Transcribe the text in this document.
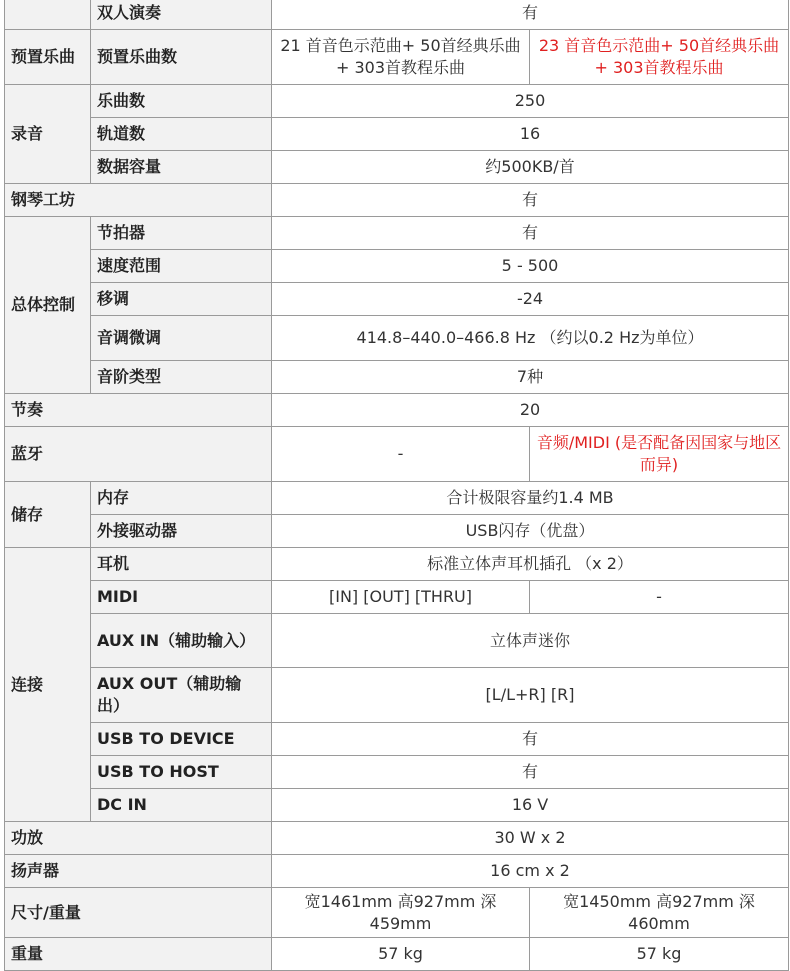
	双人演奏	有	
预置乐曲	预置乐曲数	21 首音色示范曲+ 50首经典乐曲+ 303首教程乐曲	23 首音色示范曲+ 50首经典乐曲+ 303首教程乐曲
录音	乐曲数	250	
	轨道数	16	
	数据容量	约500KB/首	
钢琴工坊		有	
总体控制	节拍器	有	
	速度范围	5 - 500	
	移调	-24	
	音调微调	414.8–440.0–466.8 Hz （约以0.2 Hz为单位）	
	音阶类型	7种	
节奏		20	
蓝牙		-	音频/MIDI (是否配备因国家与地区而异)
储存	内存	合计极限容量约1.4 MB	
	外接驱动器	USB闪存（优盘）	
连接	耳机	标准立体声耳机插孔 （x 2）	
	MIDI	[IN] [OUT] [THRU]	-
	AUX IN（辅助输入）	立体声迷你	
	AUX OUT（辅助输出）	[L/L+R] [R]	
	USB TO DEVICE	有	
	USB TO HOST	有	
	DC IN	16 V	
功放		30 W x 2	
扬声器		16 cm x 2	
尺寸/重量		宽1461mm 高927mm 深459mm	宽1450mm 高927mm 深460mm
重量		57 kg	57 kg
